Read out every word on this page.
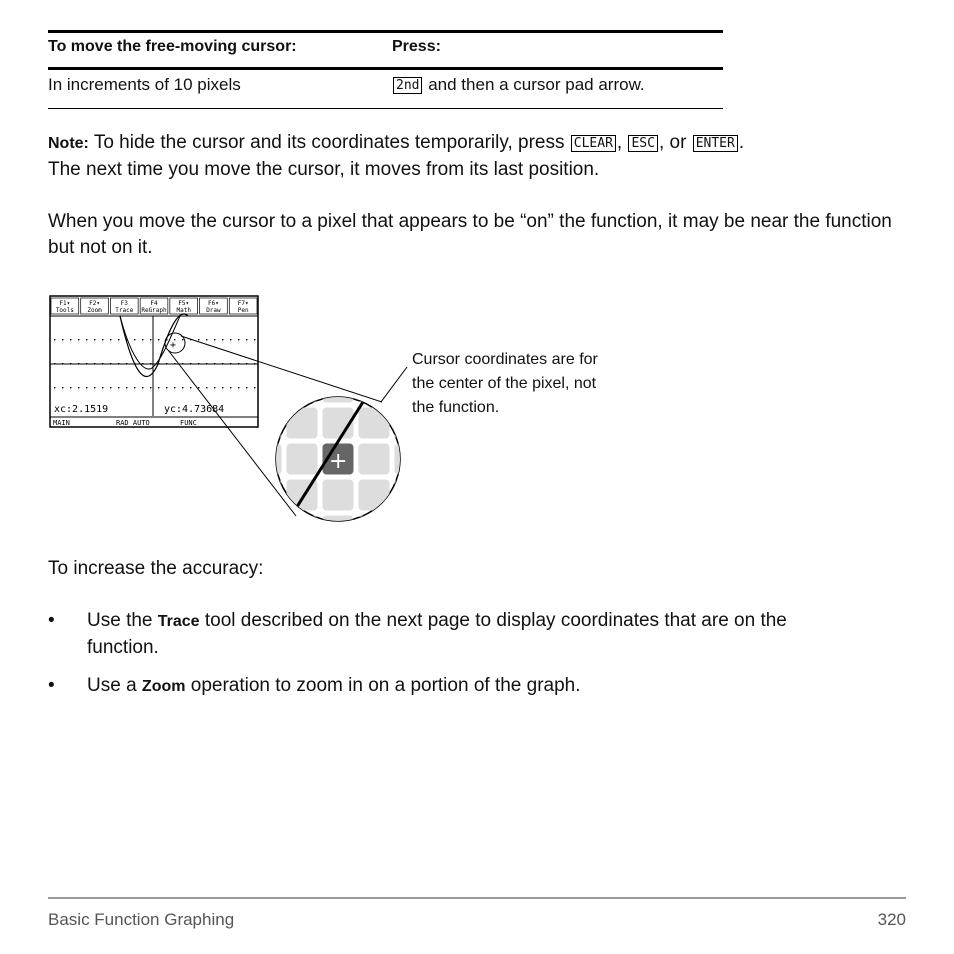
To move the free-moving cursor:	Press:
In increments of 10 pixels	2nd and then a cursor pad arrow.
Note: To hide the cursor and its coordinates temporarily, press CLEAR , ESC , or ENTER .
The next time you move the cursor, it moves from its last position.
When you move the cursor to a pixel that appears to be “on” the function, it may be near the function but not on it.
F1▾
Tools
F2▾
Zoom
F3
Trace
F4
ReGraph
F5▾
Math
F6▾
Draw
F7▾
Pen
+
xc:2.1519	yc:4.73684
MAIN	RAD AUTO	FUNC
+
Cursor coordinates are for
the center of the pixel, not
the function.
To increase the accuracy:
• Use the Trace tool described on the next page to display coordinates that are on the
function.
• Use a Zoom operation to zoom in on a portion of the graph.
Basic Function Graphing	320
